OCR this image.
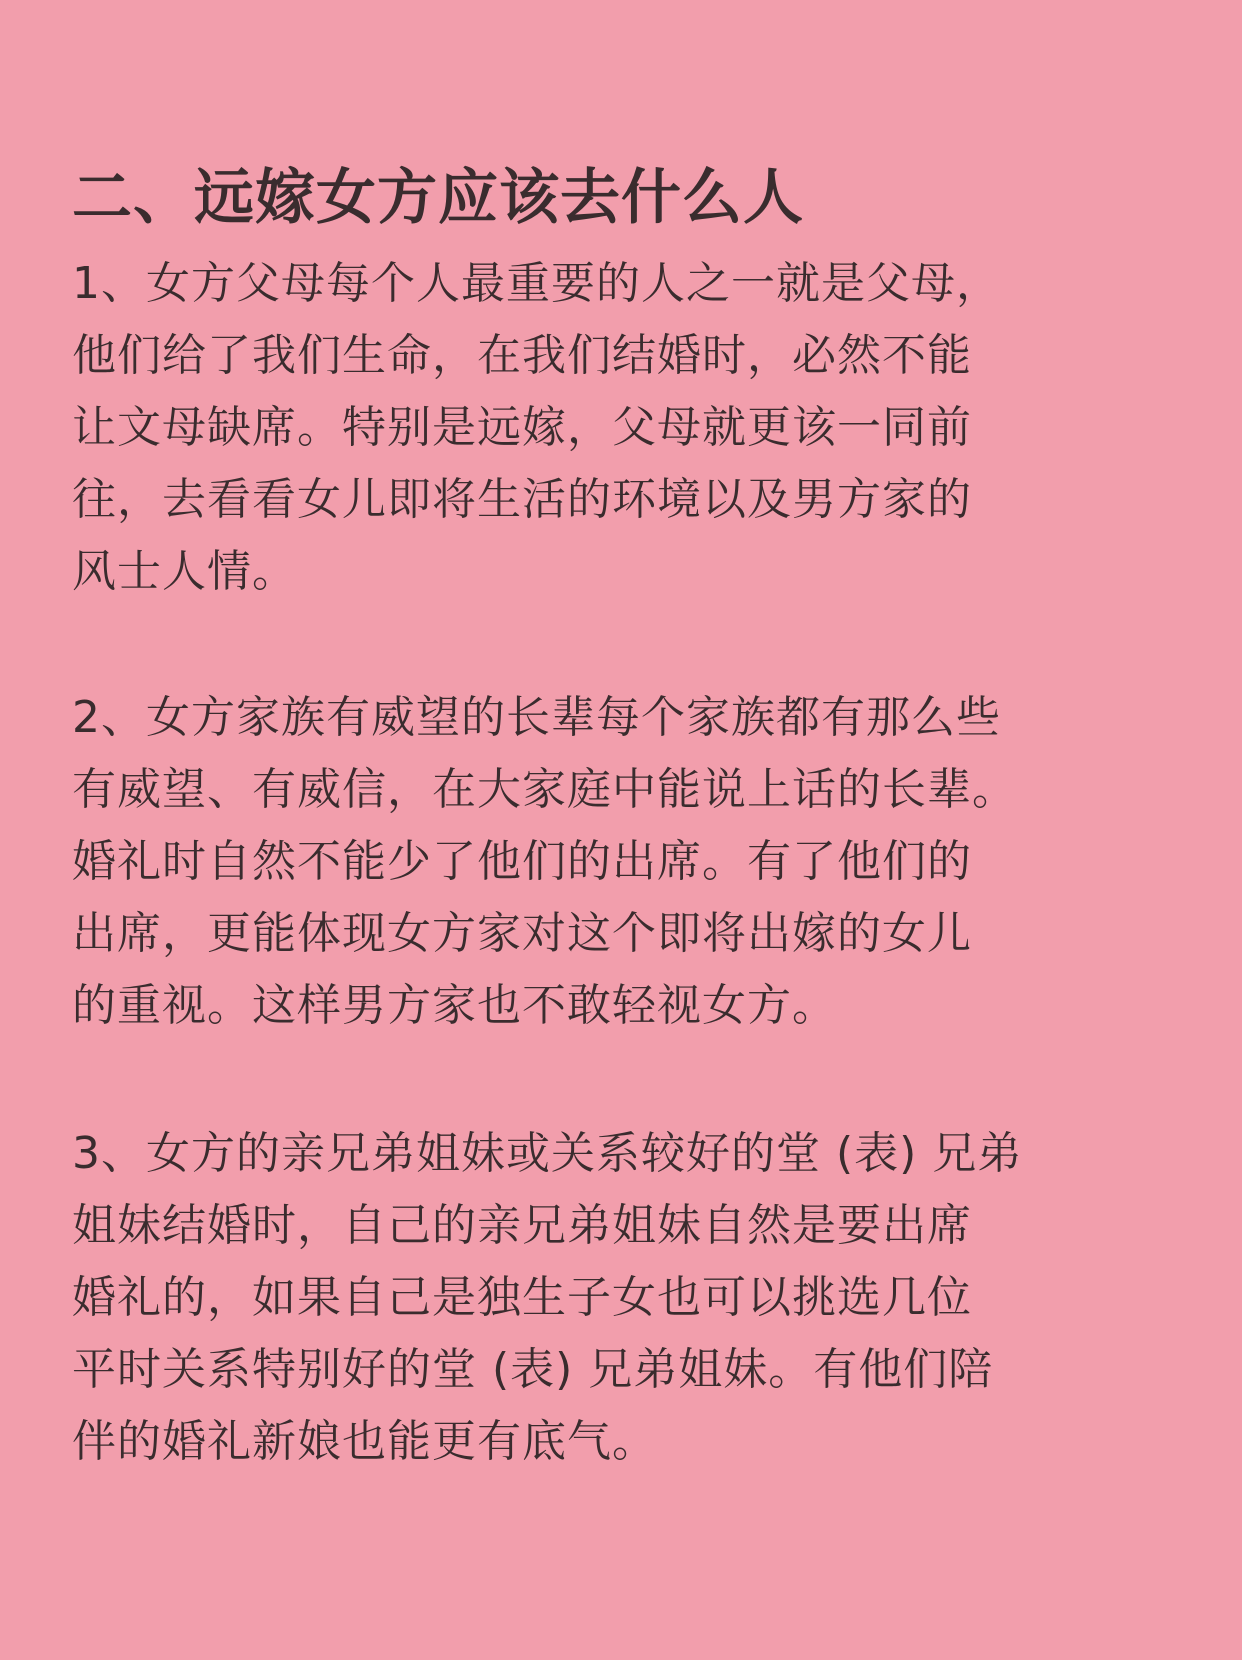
二、远嫁女方应该去什么人

1、女方父母每个人最重要的人之一就是父母，
他们给了我们生命，在我们结婚时，必然不能
让文母缺席。特别是远嫁，父母就更该一同前
往，去看看女儿即将生活的环境以及男方家的
风士人情。

2、女方家族有威望的长辈每个家族都有那么些
有威望、有威信，在大家庭中能说上话的长辈。
婚礼时自然不能少了他们的出席。有了他们的
出席，更能体现女方家对这个即将出嫁的女儿
的重视。这样男方家也不敢轻视女方。

3、女方的亲兄弟姐妹或关系较好的堂 (表) 兄弟
姐妹结婚时，自己的亲兄弟姐妹自然是要出席
婚礼的，如果自己是独生子女也可以挑选几位
平时关系特别好的堂 (表) 兄弟姐妹。有他们陪
伴的婚礼新娘也能更有底气。
